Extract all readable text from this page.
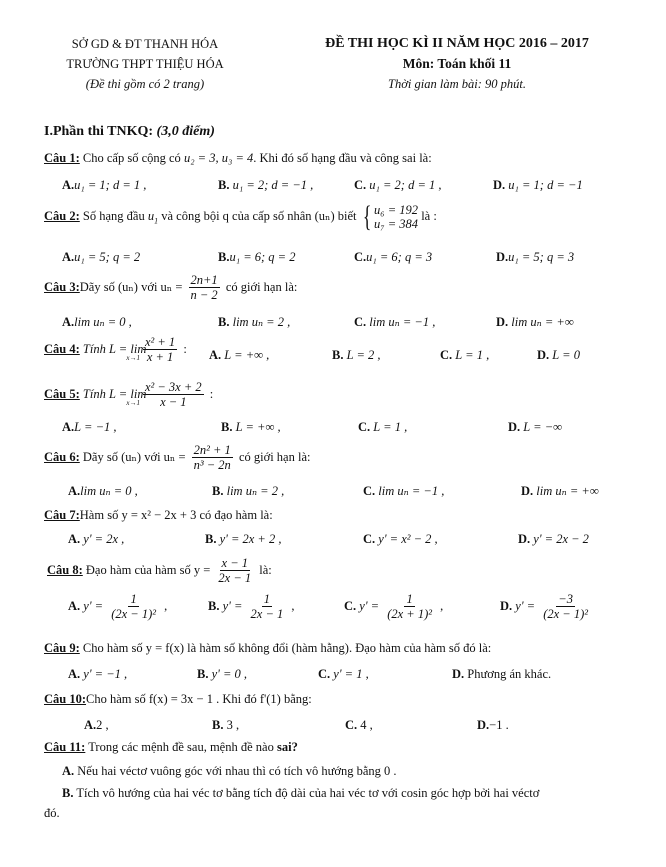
SỞ GD & ĐT THANH HÓA
TRƯỜNG THPT THIỆU HÓA
(Đề thi gồm có 2 trang)
ĐỀ THI HỌC KÌ II NĂM HỌC 2016 – 2017
Môn: Toán khối 11
Thời gian làm bài: 90 phút.
I.Phần thi TNKQ: (3,0 điểm)
Câu 1: Cho cấp số cộng có u₂ = 3, u₃ = 4. Khi đó số hạng đầu và công sai là:
A.u₁ = 1; d = 1 ,	B. u₁ = 2; d = −1 ,	C. u₁ = 2; d = 1 ,	D. u₁ = 1; d = −1
Câu 2: Số hạng đầu $u_1$ và công bội q của cấp số nhân (uₙ) biết { u₆ = 192
u₇ = 384
là :
A.u₁ = 5; q = 2	B.u₁ = 6; q = 2	C.u₁ = 6; q = 3	D.u₁ = 5; q = 3
Câu 3:Dãy số (uₙ) với $u_n = \frac{2n+1}{n - 2}$ có giới hạn là:
A.lim uₙ = 0 ,	B. lim uₙ = 2 ,	C. lim uₙ = −1 ,	D. lim uₙ = +∞
Câu 4: Tính L = lim
$x\to 1 \frac{\text{x² + 1}}{x + 1}$ : A. L = +∞ ,	B. L = 2 ,	C. L = 1 ,	D. L = 0
Câu 5: Tính L = lim
$x\to 1 \frac{\text{x² − 3x + 2}}{x - 1}$ :
A.L = −1 ,	B. L = +∞ ,	C. L = 1 ,	D. L = −∞
Câu 6: Dãy số (uₙ) với $u_n = \frac{\text{2n² + 1}}{\text{n³ − 2n}}$ có giới hạn là:
A.lim uₙ = 0 ,	B. lim uₙ = 2 ,	C. lim uₙ = −1 ,	D. lim uₙ = +∞
Câu 7:Hàm số y = x² − 2x + 3 có đạo hàm là:
A. y' = 2x ,	B. y' = 2x + 2 ,	C. y' = x² − 2 ,	D. y' = 2x − 2
Câu 8: Đạo hàm của hàm số $y = \frac{x - 1}{2x - 1}$ là:
A. $y' = \frac{1}{\text{(2x − 1)²}}$ ,	B. $y' = \frac{1}{2x - 1}$ ,	C. $y' = \frac{1}{\text{(2x + 1)²}}$ ,	D. $y' = \frac{-3}{\text{(2x − 1)²}}$
Câu 9: Cho hàm số y = f(x) là hàm số không đổi (hàm hằng). Đạo hàm của hàm số đó là:
A. y' = −1 ,	B. y' = 0 ,	C. y' = 1 ,	D. Phương án khác.
Câu 10:Cho hàm số f(x) = 3x − 1 . Khi đó f'(1) bằng:
A.2 ,	B. 3 ,	C. 4 ,	D.−1 .
Câu 11: Trong các mệnh đề sau, mệnh đề nào sai?
A. Nếu hai véctơ vuông góc với nhau thì có tích vô hướng bằng 0 .
B. Tích vô hướng của hai véc tơ bằng tích độ dài của hai véc tơ với cosin góc hợp bởi hai véctơ
đó.
